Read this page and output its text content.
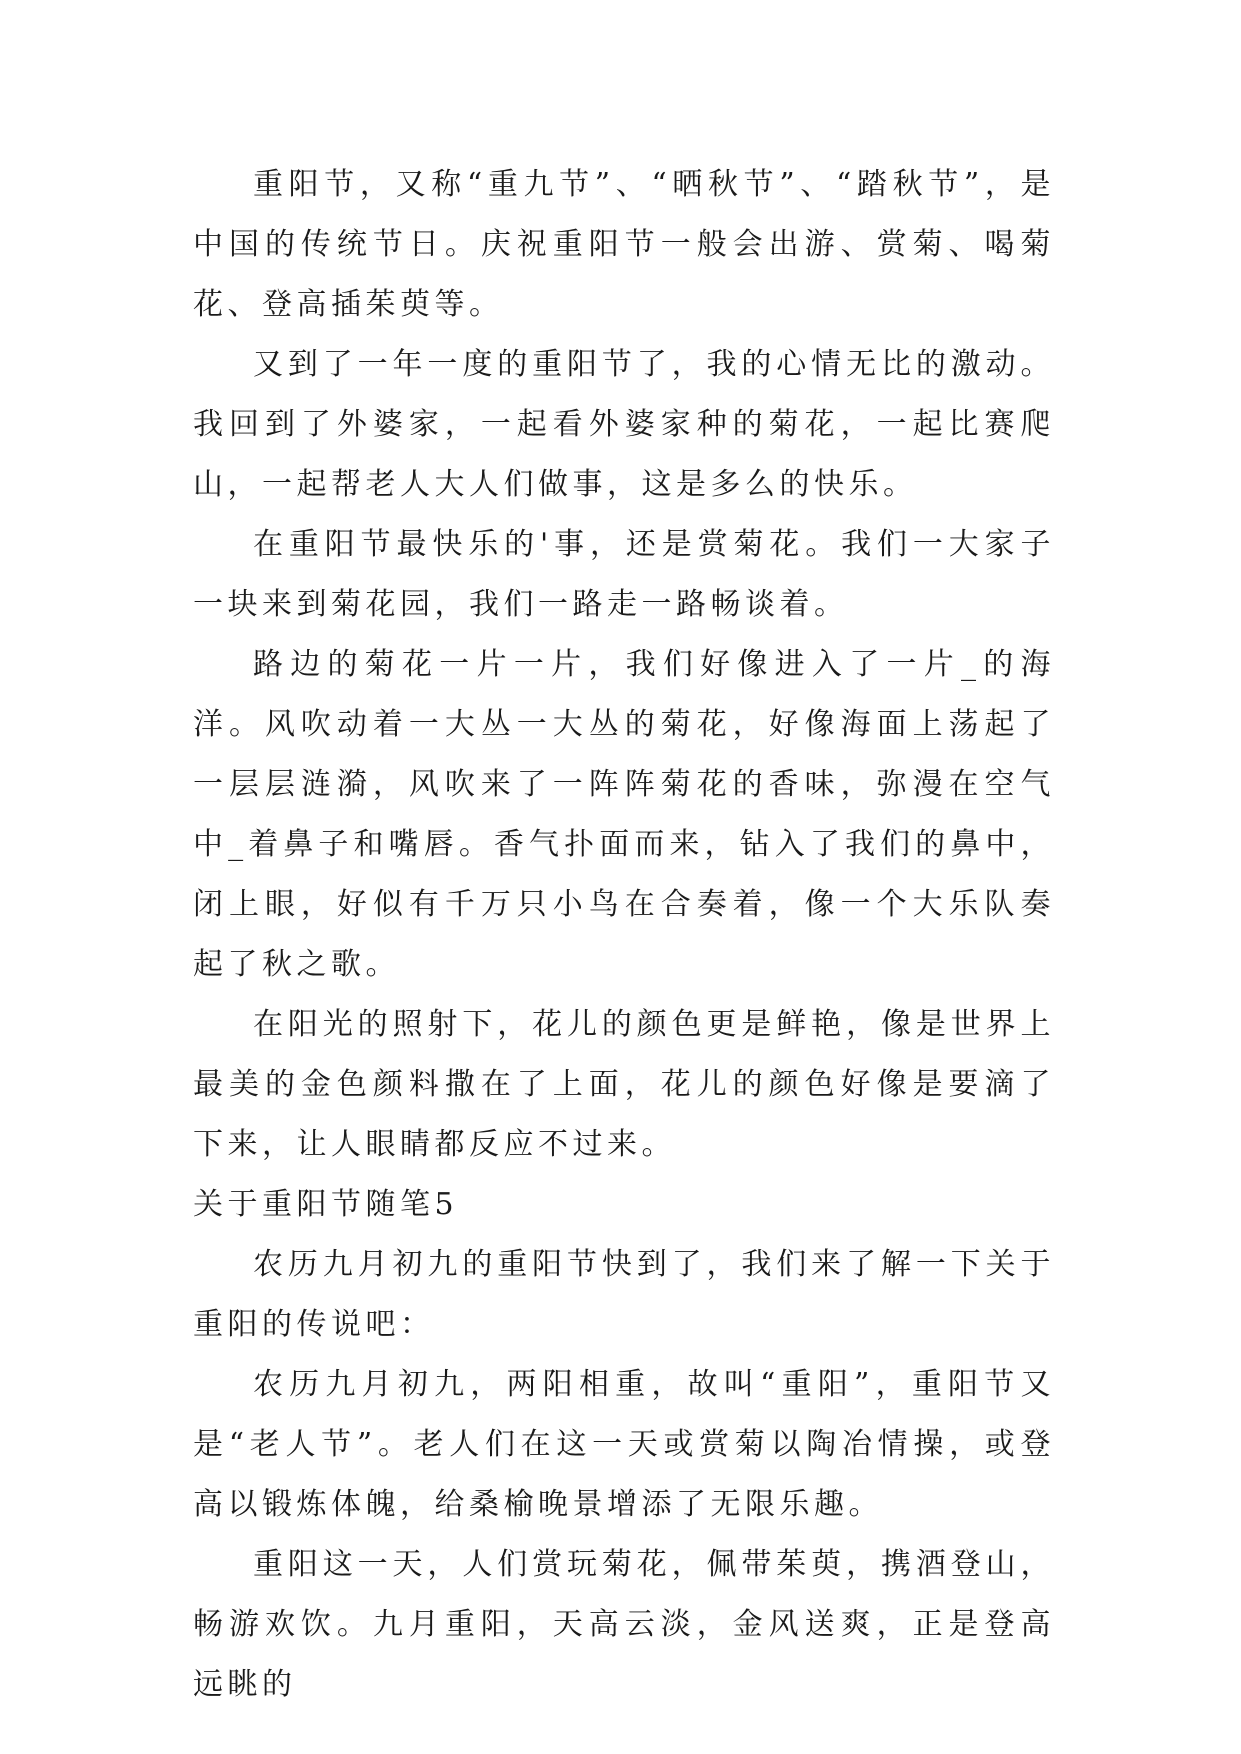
重阳节，又称“重九节”、“晒秋节”、“踏秋节”，是中国的传统节日。庆祝重阳节一般会出游、赏菊、喝菊花、登高插茱萸等。

又到了一年一度的重阳节了，我的心情无比的激动。我回到了外婆家，一起看外婆家种的菊花，一起比赛爬山，一起帮老人大人们做事，这是多么的快乐。

在重阳节最快乐的'事，还是赏菊花。我们一大家子一块来到菊花园，我们一路走一路畅谈着。

路边的菊花一片一片，我们好像进入了一片_的海洋。风吹动着一大丛一大丛的菊花，好像海面上荡起了一层层涟漪，风吹来了一阵阵菊花的香味，弥漫在空气中_着鼻子和嘴唇。香气扑面而来，钻入了我们的鼻中，闭上眼，好似有千万只小鸟在合奏着，像一个大乐队奏起了秋之歌。

在阳光的照射下，花儿的颜色更是鲜艳，像是世界上最美的金色颜料撒在了上面，花儿的颜色好像是要滴了下来，让人眼睛都反应不过来。

关于重阳节随笔5

农历九月初九的重阳节快到了，我们来了解一下关于重阳的传说吧：

农历九月初九，两阳相重，故叫“重阳”，重阳节又是“老人节”。老人们在这一天或赏菊以陶冶情操，或登高以锻炼体魄，给桑榆晚景增添了无限乐趣。

重阳这一天，人们赏玩菊花，佩带茱萸，携酒登山，畅游欢饮。九月重阳，天高云淡，金风送爽，正是登高远眺的
